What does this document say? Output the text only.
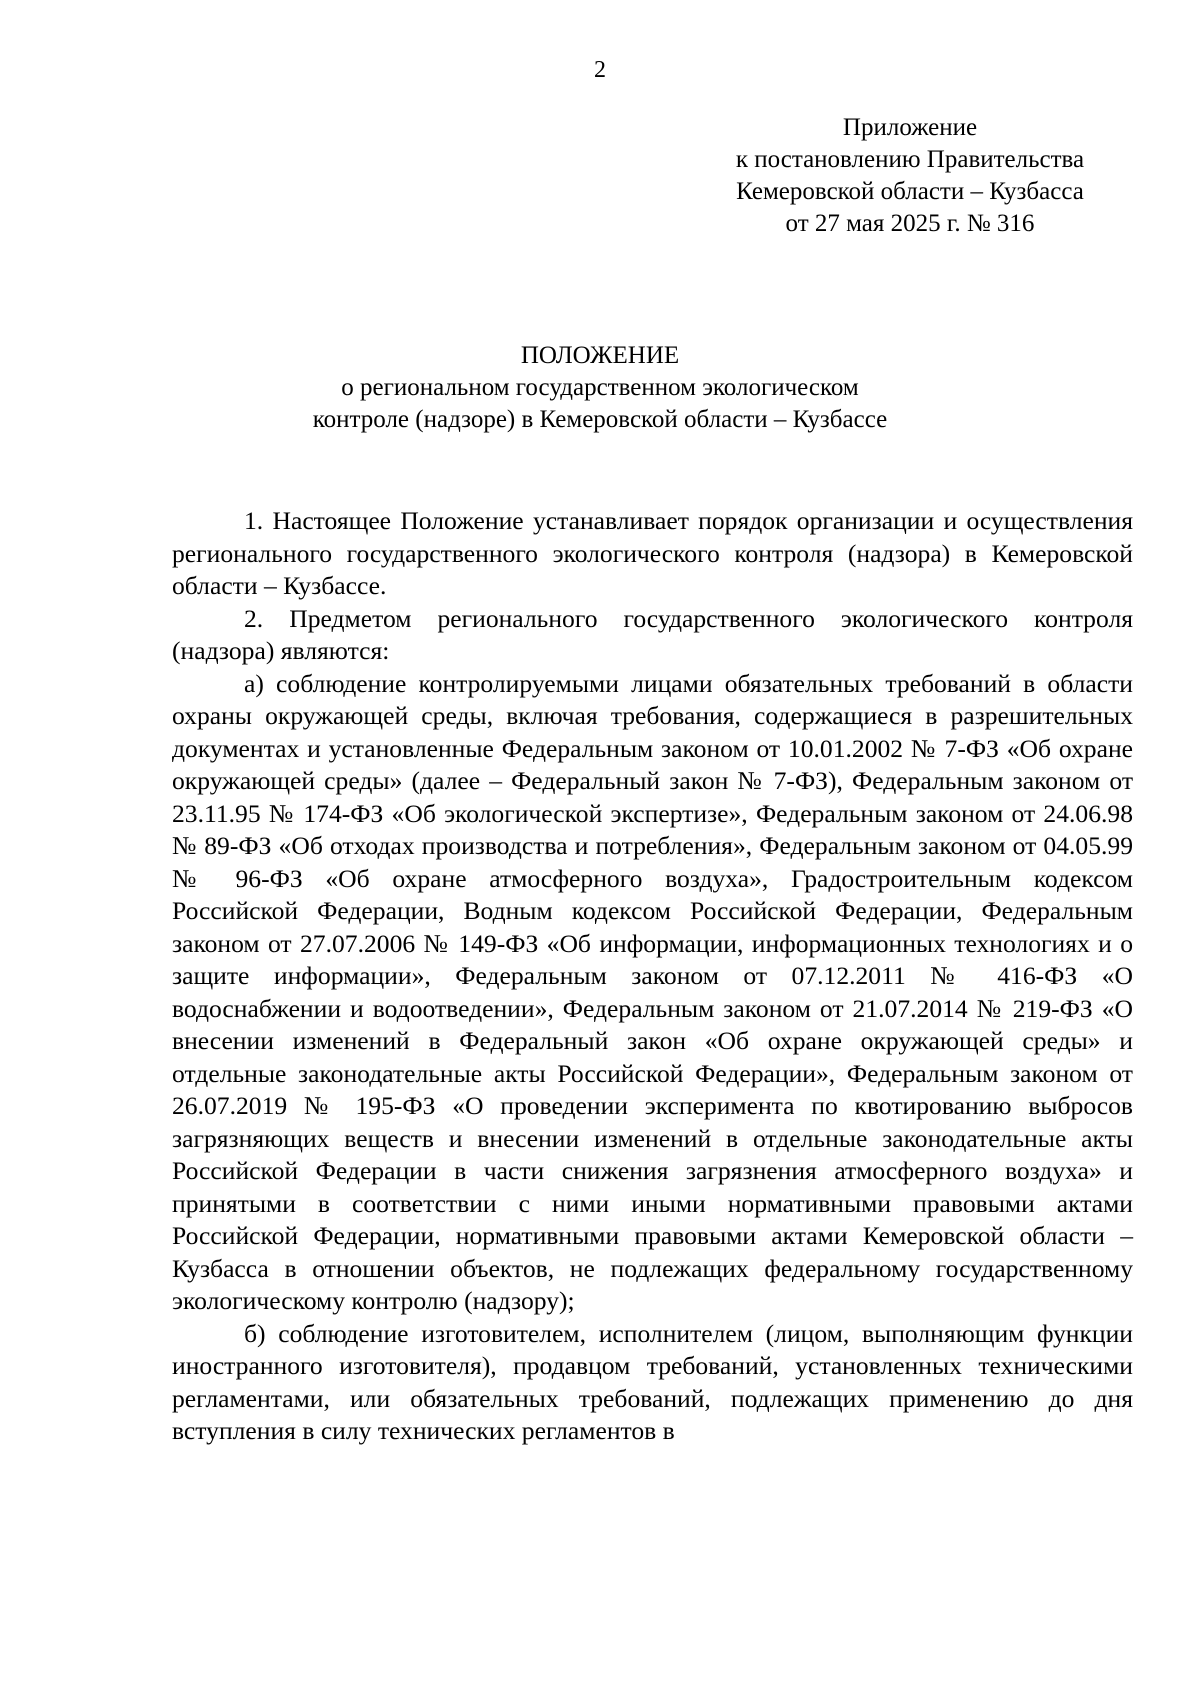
2
Приложение
к постановлению Правительства
Кемеровской области – Кузбасса
от 27 мая 2025 г. № 316
ПОЛОЖЕНИЕ
о региональном государственном экологическом
контроле (надзоре) в Кемеровской области – Кузбассе

1. Настоящее Положение устанавливает порядок организации и осуществления регионального государственного экологического контроля (надзора) в Кемеровской области – Кузбассе.

2. Предметом регионального государственного экологического контроля (надзора) являются:

а) соблюдение контролируемыми лицами обязательных требований в области охраны окружающей среды, включая требования, содержащиеся в разрешительных документах и установленные Федеральным законом от 10.01.2002 № 7-ФЗ «Об охране окружающей среды» (далее – Федеральный закон № 7-ФЗ), Федеральным законом от 23.11.95 № 174-ФЗ «Об экологической экспертизе», Федеральным законом от 24.06.98 № 89-ФЗ «Об отходах производства и потребления», Федеральным законом от 04.05.99 № 96-ФЗ «Об охране атмосферного воздуха», Градостроительным кодексом Российской Федерации, Водным кодексом Российской Федерации, Федеральным законом от 27.07.2006 № 149-ФЗ «Об информации, информационных технологиях и о защите информации», Федеральным законом от 07.12.2011 № 416-ФЗ «О водоснабжении и водоотведении», Федеральным законом от 21.07.2014 № 219-ФЗ «О внесении изменений в Федеральный закон «Об охране окружающей среды» и отдельные законодательные акты Российской Федерации», Федеральным законом от 26.07.2019 № 195-ФЗ «О проведении эксперимента по квотированию выбросов загрязняющих веществ и внесении изменений в отдельные законодательные акты Российской Федерации в части снижения загрязнения атмосферного воздуха» и принятыми в соответствии с ними иными нормативными правовыми актами Российской Федерации, нормативными правовыми актами Кемеровской области – Кузбасса в отношении объектов, не подлежащих федеральному государственному экологическому контролю (надзору);

б) соблюдение изготовителем, исполнителем (лицом, выполняющим функции иностранного изготовителя), продавцом требований, установленных техническими регламентами, или обязательных требований, подлежащих применению до дня вступления в силу технических регламентов в
